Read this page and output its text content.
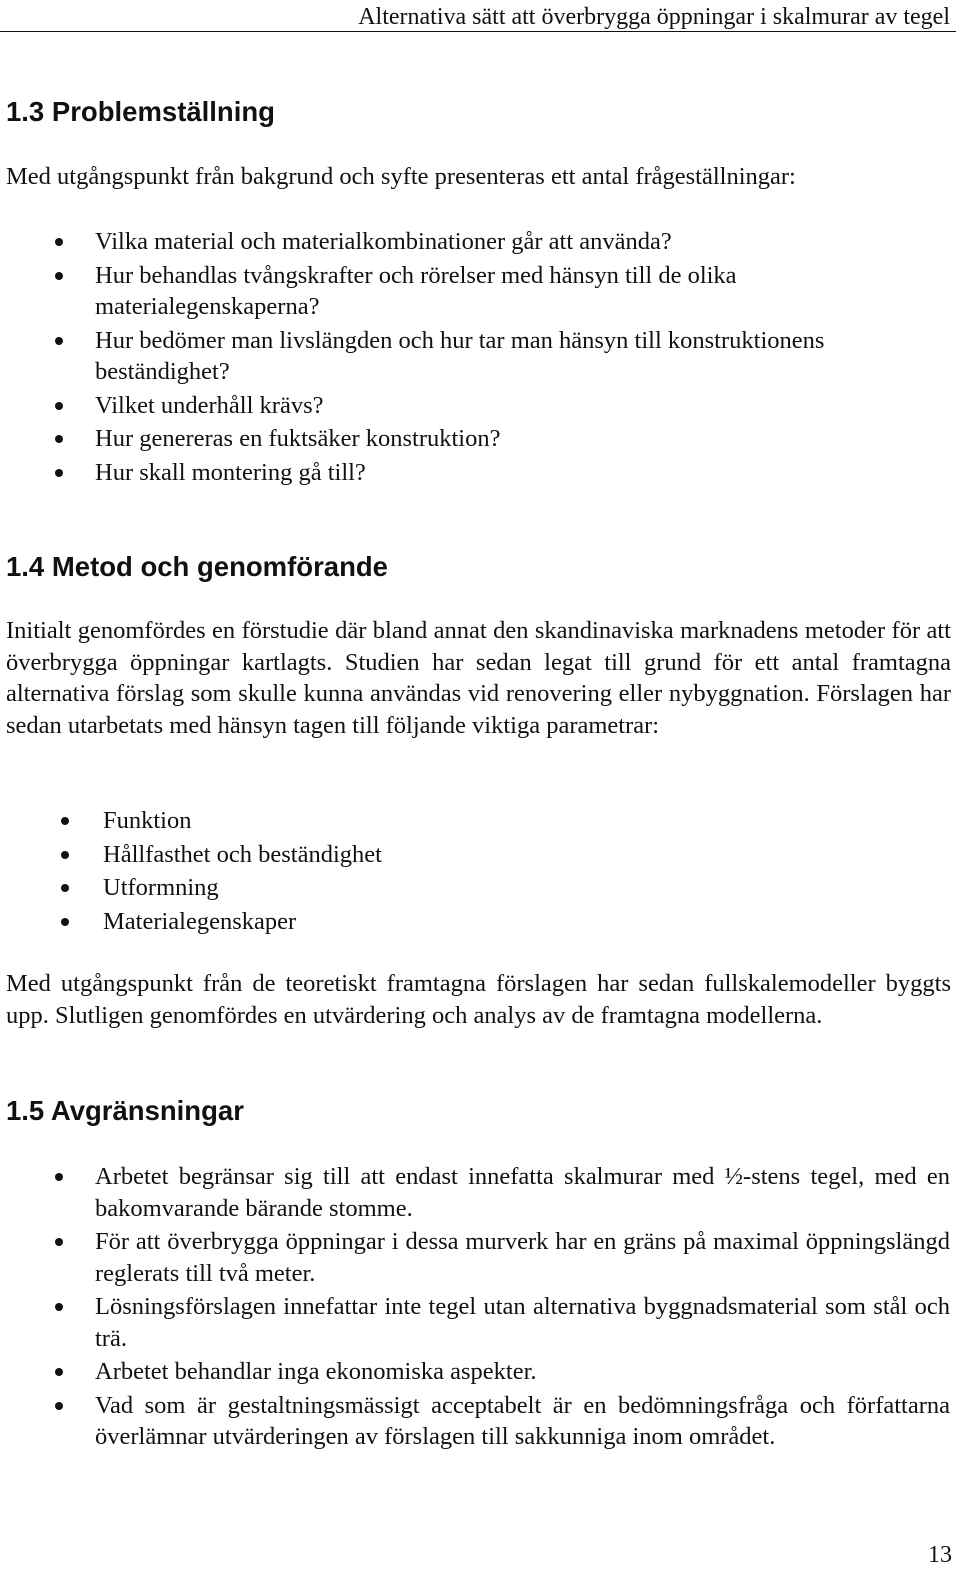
Alternativa sätt att överbrygga öppningar i skalmurar av tegel
1.3 Problemställning

Med utgångspunkt från bakgrund och syfte presenteras ett antal frågeställningar:

Vilka material och materialkombinationer går att använda?
Hur behandlas tvångskrafter och rörelser med hänsyn till de olika materialegenskaperna?
Hur bedömer man livslängden och hur tar man hänsyn till konstruktionens beständighet?
Vilket underhåll krävs?
Hur genereras en fuktsäker konstruktion?
Hur skall montering gå till?
1.4 Metod och genomförande

Initialt genomfördes en förstudie där bland annat den skandinaviska marknadens metoder för att överbrygga öppningar kartlagts. Studien har sedan legat till grund för ett antal framtagna alternativa förslag som skulle kunna användas vid renovering eller nybyggnation. Förslagen har sedan utarbetats med hänsyn tagen till följande viktiga parametrar:

Funktion
Hållfasthet och beständighet
Utformning
Materialegenskaper

Med utgångspunkt från de teoretiskt framtagna förslagen har sedan fullskalemodeller byggts upp. Slutligen genomfördes en utvärdering och analys av de framtagna modellerna.

1.5 Avgränsningar
Arbetet begränsar sig till att endast innefatta skalmurar med ½-stens tegel, med en bakomvarande bärande stomme.
För att överbrygga öppningar i dessa murverk har en gräns på maximal öppningslängd reglerats till två meter.
Lösningsförslagen innefattar inte tegel utan alternativa byggnadsmaterial som stål och trä.
Arbetet behandlar inga ekonomiska aspekter.
Vad som är gestaltningsmässigt acceptabelt är en bedömningsfråga och författarna överlämnar utvärderingen av förslagen till sakkunniga inom området.
13
